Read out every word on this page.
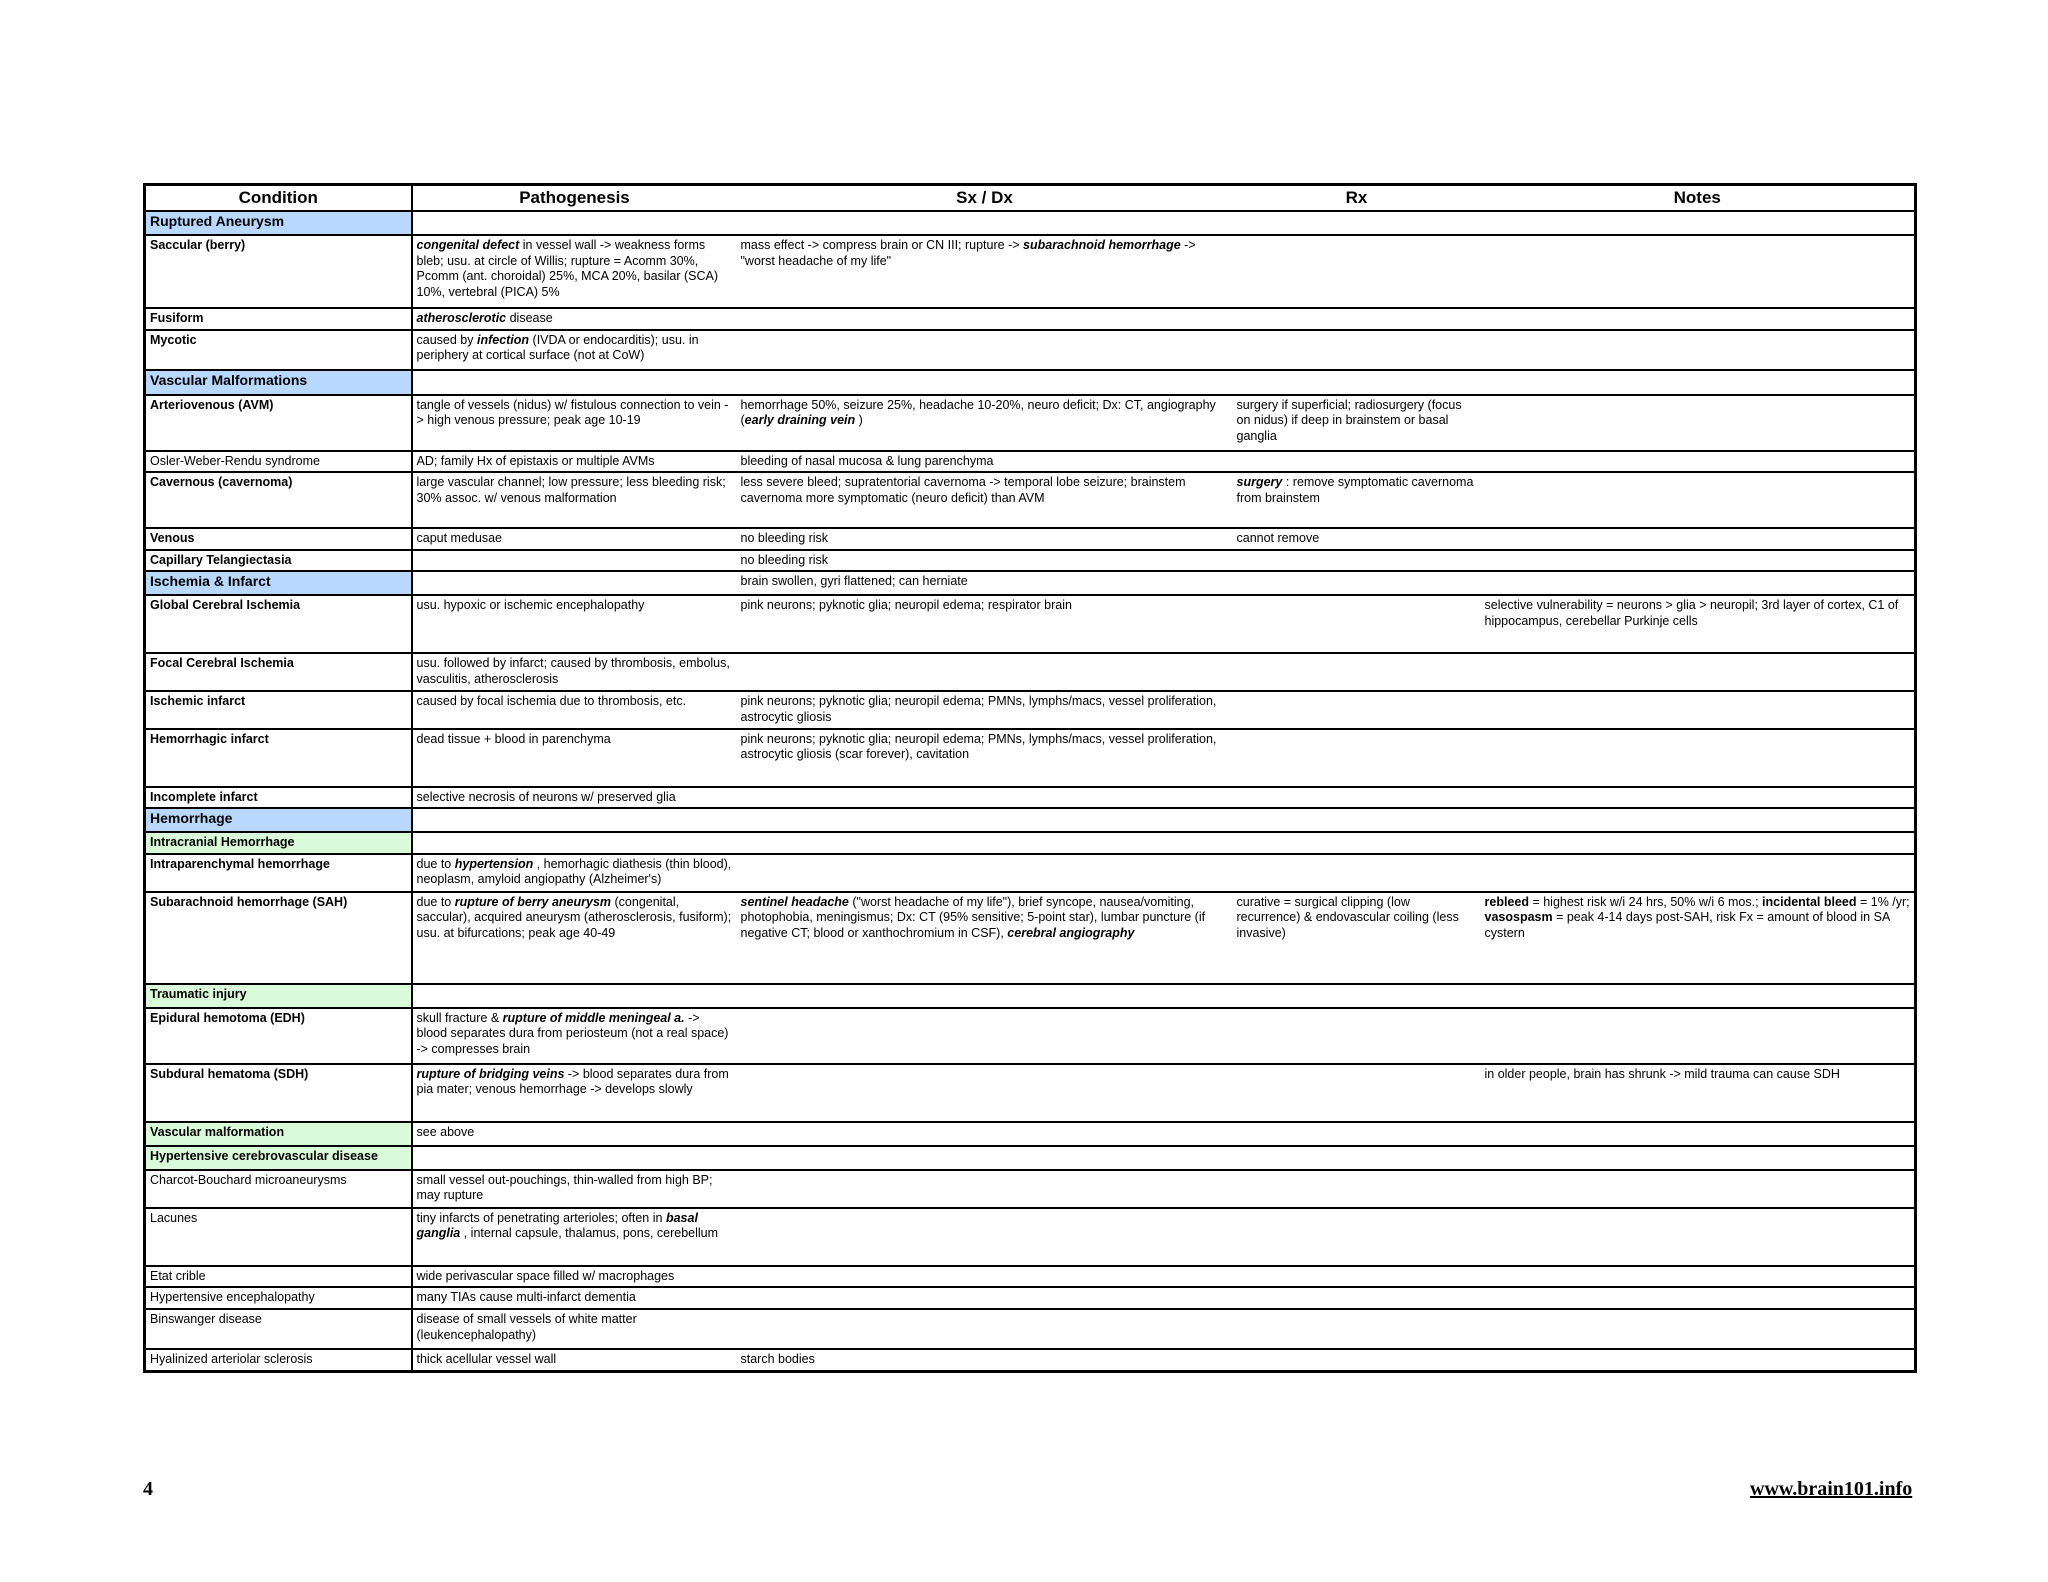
Condition	Pathogenesis	Sx / Dx	Rx	Notes
Ruptured Aneurysm				
Saccular (berry)	congenital defect in vessel wall -> weakness forms bleb; usu. at circle of Willis; rupture = Acomm 30%, Pcomm (ant. choroidal) 25%, MCA 20%, basilar (SCA) 10%, vertebral (PICA) 5%	mass effect -> compress brain or CN III; rupture -> subarachnoid hemorrhage -> "worst headache of my life"		
Fusiform	atherosclerotic disease			
Mycotic	caused by infection (IVDA or endocarditis); usu. in periphery at cortical surface (not at CoW)			
Vascular Malformations				
Arteriovenous (AVM)	tangle of vessels (nidus) w/ fistulous connection to vein -> high venous pressure; peak age 10-19	hemorrhage 50%, seizure 25%, headache 10-20%, neuro deficit; Dx: CT, angiography (early draining vein )	surgery if superficial; radiosurgery (focus on nidus) if deep in brainstem or basal ganglia	
Osler-Weber-Rendu syndrome	AD; family Hx of epistaxis or multiple AVMs	bleeding of nasal mucosa & lung parenchyma		
Cavernous (cavernoma)	large vascular channel; low pressure; less bleeding risk; 30% assoc. w/ venous malformation	less severe bleed; supratentorial cavernoma -> temporal lobe seizure; brainstem cavernoma more symptomatic (neuro deficit) than AVM	surgery : remove symptomatic cavernoma from brainstem	
Venous	caput medusae	no bleeding risk	cannot remove	
Capillary Telangiectasia		no bleeding risk		
Ischemia & Infarct		brain swollen, gyri flattened; can herniate		
Global Cerebral Ischemia	usu. hypoxic or ischemic encephalopathy	pink neurons; pyknotic glia; neuropil edema; respirator brain		selective vulnerability = neurons > glia > neuropil; 3rd layer of cortex, C1 of hippocampus, cerebellar Purkinje cells
Focal Cerebral Ischemia	usu. followed by infarct; caused by thrombosis, embolus, vasculitis, atherosclerosis			
Ischemic infarct	caused by focal ischemia due to thrombosis, etc.	pink neurons; pyknotic glia; neuropil edema; PMNs, lymphs/macs, vessel proliferation, astrocytic gliosis		
Hemorrhagic infarct	dead tissue + blood in parenchyma	pink neurons; pyknotic glia; neuropil edema; PMNs, lymphs/macs, vessel proliferation, astrocytic gliosis (scar forever), cavitation		
Incomplete infarct	selective necrosis of neurons w/ preserved glia			
Hemorrhage				
Intracranial Hemorrhage				
Intraparenchymal hemorrhage	due to hypertension , hemorhagic diathesis (thin blood), neoplasm, amyloid angiopathy (Alzheimer's)			
Subarachnoid hemorrhage (SAH)	due to rupture of berry aneurysm (congenital, saccular), acquired aneurysm (atherosclerosis, fusiform); usu. at bifurcations; peak age 40-49	sentinel headache ("worst headache of my life"), brief syncope, nausea/vomiting, photophobia, meningismus; Dx: CT (95% sensitive; 5-point star), lumbar puncture (if negative CT; blood or xanthochromium in CSF), cerebral angiography	curative = surgical clipping (low recurrence) & endovascular coiling (less invasive)	rebleed = highest risk w/i 24 hrs, 50% w/i 6 mos.; incidental bleed = 1% /yr; vasospasm = peak 4-14 days post-SAH, risk Fx = amount of blood in SA cystern
Traumatic injury				
Epidural hemotoma (EDH)	skull fracture & rupture of middle meningeal a. -> blood separates dura from periosteum (not a real space) -> compresses brain			
Subdural hematoma (SDH)	rupture of bridging veins -> blood separates dura from pia mater; venous hemorrhage -> develops slowly			in older people, brain has shrunk -> mild trauma can cause SDH
Vascular malformation	see above			
Hypertensive cerebrovascular disease				
Charcot-Bouchard microaneurysms	small vessel out-pouchings, thin-walled from high BP; may rupture			
Lacunes	tiny infarcts of penetrating arterioles; often in basal ganglia , internal capsule, thalamus, pons, cerebellum			
Etat crible	wide perivascular space filled w/ macrophages			
Hypertensive encephalopathy	many TIAs cause multi-infarct dementia			
Binswanger disease	disease of small vessels of white matter (leukencephalopathy)			
Hyalinized arteriolar sclerosis	thick acellular vessel wall	starch bodies		
4	www.brain101.info
